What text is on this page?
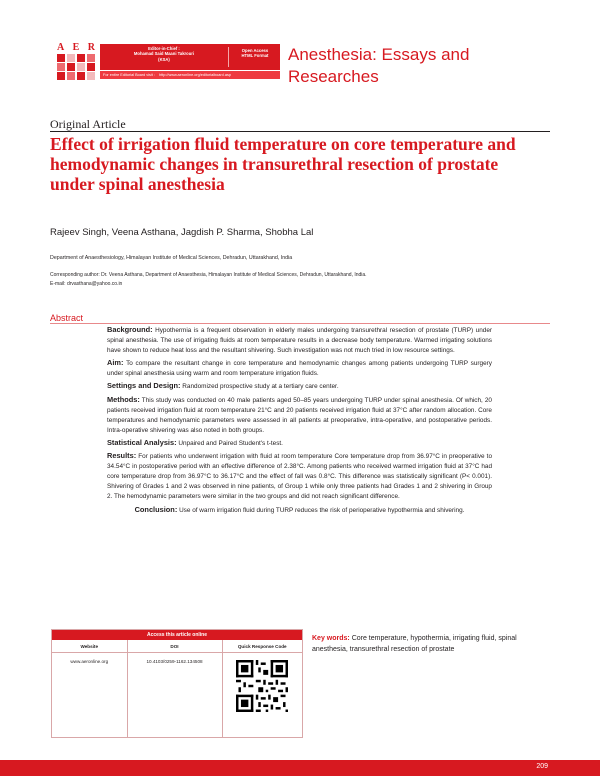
A E R	Editor-in-Chief :
Mohamad Said Maani Takrouri
(KSA)
Open Access
HTML Format
For entire Editorial Board visit : http://www.aeronline.org/editorialboard.asp
Anesthesia: Essays and
Researches
Original Article
Effect of irrigation fluid temperature on core temperature and hemodynamic changes in transurethral resection of prostate under spinal anesthesia
Rajeev Singh, Veena Asthana, Jagdish P. Sharma, Shobha Lal
Department of Anaesthesiology, Himalayan Institute of Medical Sciences, Dehradun, Uttarakhand, India
Corresponding author: Dr. Veena Asthana, Department of Anaesthesia, Himalayan Institute of Medical Sciences, Dehradun, Uttarakhand, India.
E-mail: drvasthana@yahoo.co.in
Abstract

Background: Hypothermia is a frequent observation in elderly males undergoing transurethral resection of prostate (TURP) under spinal anesthesia. The use of irrigating fluids at room temperature results in a decrease body temperature. Warmed irrigating solutions have shown to reduce heat loss and the resultant shivering. Such investigation was not much tried in low resource settings.

Aim: To compare the resultant change in core temperature and hemodynamic changes among patients undergoing TURP surgery under spinal anesthesia using warm and room temperature irrigation fluids.

Settings and Design: Randomized prospective study at a tertiary care center.

Methods: This study was conducted on 40 male patients aged 50–85 years undergoing TURP under spinal anesthesia. Of which, 20 patients received irrigation fluid at room temperature 21°C and 20 patients received irrigation fluid at 37°C after random allocation. Core temperatures and hemodynamic parameters were assessed in all patients at preoperative, intra-operative, and postoperative periods. Intra-operative shivering was also noted in both groups.

Statistical Analysis: Unpaired and Paired Student's t-test.

Results: For patients who underwent irrigation with fluid at room temperature Core temperature drop from 36.97°C in preoperative to 34.54°C in postoperative period with an effective difference of 2.38°C. Among patients who received warmed irrigation fluid at 37°C had core temperature drop from 36.97°C to 36.17°C and the effect of fall was 0.8°C. This difference was statistically significant (P< 0.001). Shivering of Grades 1 and 2 was observed in nine patients, of Group 1 while only three patients had Grades 1 and 2 shivering in Group 2. The hemodynamic parameters were similar in the two groups and did not reach significant difference.

Conclusion: Use of warm irrigation fluid during TURP reduces the risk of perioperative hypothermia and shivering.

Access this article online
Website	DOI	Quick Response Code
www.aeronline.org	10.4103/0259-1162.134508	
Key words: Core temperature, hypothermia, irrigating fluid, spinal anesthesia, transurethral resection of prostate
209
